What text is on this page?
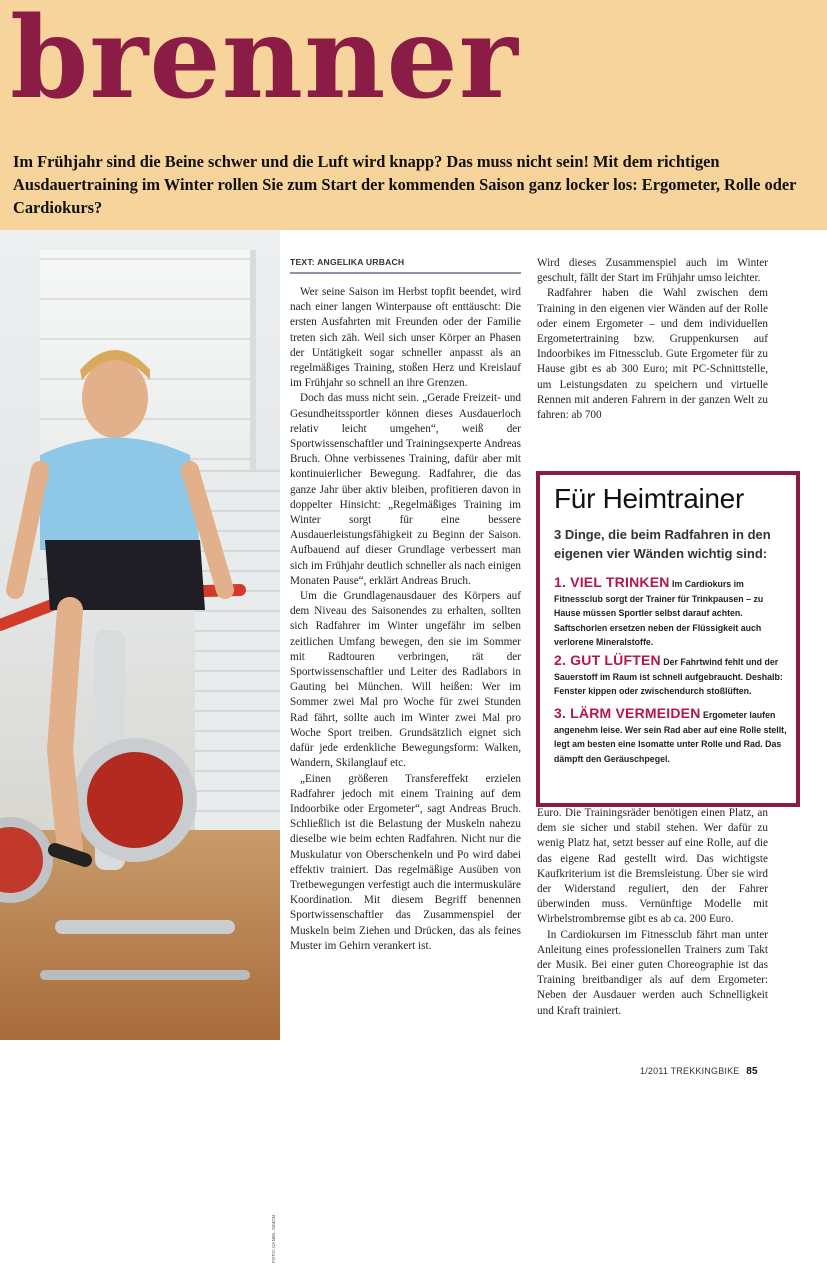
brenner

Im Frühjahr sind die Beine schwer und die Luft wird knapp? Das muss nicht sein! Mit dem richtigen Ausdauertraining im Winter rollen Sie zum Start der kommenden Saison ganz locker los: Ergometer, Rolle oder Cardiokurs?

FOTO: DANIEL SIMON
TEXT: ANGELIKA URBACH

Wer seine Saison im Herbst topfit beendet, wird nach einer langen Winterpause oft enttäuscht: Die ersten Ausfahrten mit Freunden oder der Familie treten sich zäh. Weil sich unser Körper an Phasen der Untätigkeit sogar schneller anpasst als an regelmäßiges Training, stoßen Herz und Kreislauf im Frühjahr so schnell an ihre Grenzen.

Doch das muss nicht sein. „Gerade Freizeit- und Gesundheitssportler können dieses Ausdauerloch relativ leicht umgehen“, weiß der Sportwissenschaftler und Trainingsexperte Andreas Bruch. Ohne verbissenes Training, dafür aber mit kontinuierlicher Bewegung. Radfahrer, die das ganze Jahr über aktiv bleiben, profitieren davon in doppelter Hinsicht: „Regelmäßiges Training im Winter sorgt für eine bessere Ausdauerleistungsfähigkeit zu Beginn der Saison. Aufbauend auf dieser Grundlage verbessert man sich im Frühjahr deutlich schneller als nach einigen Monaten Pause“, erklärt Andreas Bruch.

Um die Grundlagenausdauer des Körpers auf dem Niveau des Saisonendes zu erhalten, sollten sich Radfahrer im Winter ungefähr im selben zeitlichen Umfang bewegen, den sie im Sommer mit Radtouren verbringen, rät der Sportwissenschaftler und Leiter des Radlabors in Gauting bei München. Will heißen: Wer im Sommer zwei Mal pro Woche für zwei Stunden Rad fährt, sollte auch im Winter zwei Mal pro Woche Sport treiben. Grundsätzlich eignet sich dafür jede erdenkliche Bewegungsform: Walken, Wandern, Skilanglauf etc.

„Einen größeren Transfereffekt erzielen Radfahrer jedoch mit einem Training auf dem Indoorbike oder Ergometer“, sagt Andreas Bruch. Schließlich ist die Belastung der Muskeln nahezu dieselbe wie beim echten Radfahren. Nicht nur die Muskulatur von Oberschenkeln und Po wird dabei effektiv trainiert. Das regelmäßige Ausüben von Tretbewegungen verfestigt auch die intermuskuläre Koordination. Mit diesem Begriff benennen Sportwissenschaftler das Zusammenspiel der Muskeln beim Ziehen und Drücken, das als feines Muster im Gehirn verankert ist.

Wird dieses Zusammenspiel auch im Winter geschult, fällt der Start im Frühjahr umso leichter.

Radfahrer haben die Wahl zwischen dem Training in den eigenen vier Wänden auf der Rolle oder einem Ergometer – und dem individuellen Ergometertraining bzw. Gruppenkursen auf Indoorbikes im Fitnessclub. Gute Ergometer für zu Hause gibt es ab 300 Euro; mit PC-Schnittstelle, um Leistungsdaten zu speichern und virtuelle Rennen mit anderen Fahrern in der ganzen Welt zu fahren: ab 700

Für Heimtrainer

3 Dinge, die beim Radfahren in den eigenen vier Wänden wichtig sind:

1. VIEL TRINKEN Im Cardiokurs im Fitnessclub sorgt der Trainer für Trinkpausen – zu Hause müssen Sportler selbst darauf achten. Saftschorlen ersetzen neben der Flüssigkeit auch verlorene Mineralstoffe.

2. GUT LÜFTEN Der Fahrtwind fehlt und der Sauerstoff im Raum ist schnell aufgebraucht. Deshalb: Fenster kippen oder zwischendurch stoßlüften.

3. LÄRM VERMEIDEN Ergometer laufen angenehm leise. Wer sein Rad aber auf eine Rolle stellt, legt am besten eine Isomatte unter Rolle und Rad. Das dämpft den Geräuschpegel.

Euro. Die Trainingsräder benötigen einen Platz, an dem sie sicher und stabil stehen. Wer dafür zu wenig Platz hat, setzt besser auf eine Rolle, auf die das eigene Rad gestellt wird. Das wichtigste Kaufkriterium ist die Bremsleistung. Über sie wird der Widerstand reguliert, den der Fahrer überwinden muss. Vernünftige Modelle mit Wirbelstrombremse gibt es ab ca. 200 Euro.

In Cardiokursen im Fitnessclub fährt man unter Anleitung eines professionellen Trainers zum Takt der Musik. Bei einer guten Choreographie ist das Training breitbandiger als auf dem Ergometer: Neben der Ausdauer werden auch Schnelligkeit und Kraft trainiert.

1/2011 TREKKINGBIKE 85
